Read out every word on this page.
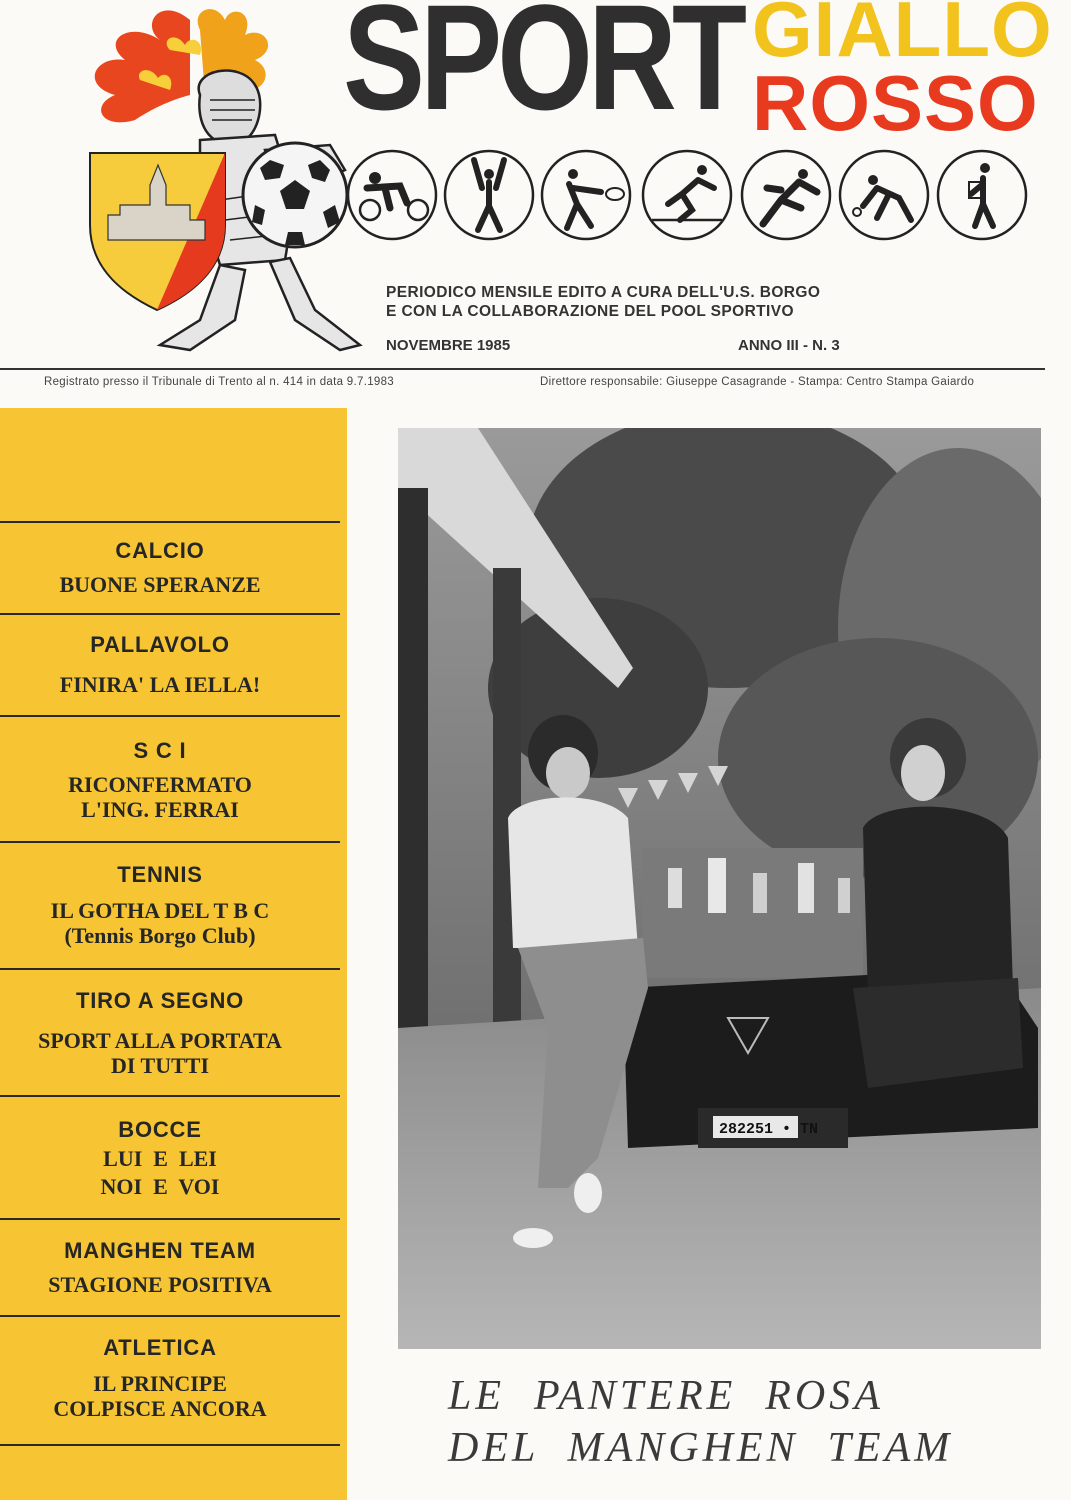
SPORT GIALLO
ROSSO
PERIODICO MENSILE EDITO A CURA DELL'U.S. BORGO
E CON LA COLLABORAZIONE DEL POOL SPORTIVO
NOVEMBRE 1985	ANNO III - N. 3
Registrato presso il Tribunale di Trento al n. 414 in data 9.7.1983	Direttore responsabile: Giuseppe Casagrande - Stampa: Centro Stampa Gaiardo
CALCIO
BUONE SPERANZE
PALLAVOLO
FINIRA' LA IELLA!
S C I
RICONFERMATO
L'ING. FERRAI
TENNIS
IL GOTHA DEL T B C
(Tennis Borgo Club)
TIRO A SEGNO
SPORT ALLA PORTATA
DI TUTTI
BOCCE
LUI  E  LEI
NOI  E  VOI
MANGHEN TEAM
STAGIONE POSITIVA
ATLETICA
IL PRINCIPE
COLPISCE ANCORA
282251 • TN
LE  PANTERE  ROSA
DEL  MANGHEN  TEAM
